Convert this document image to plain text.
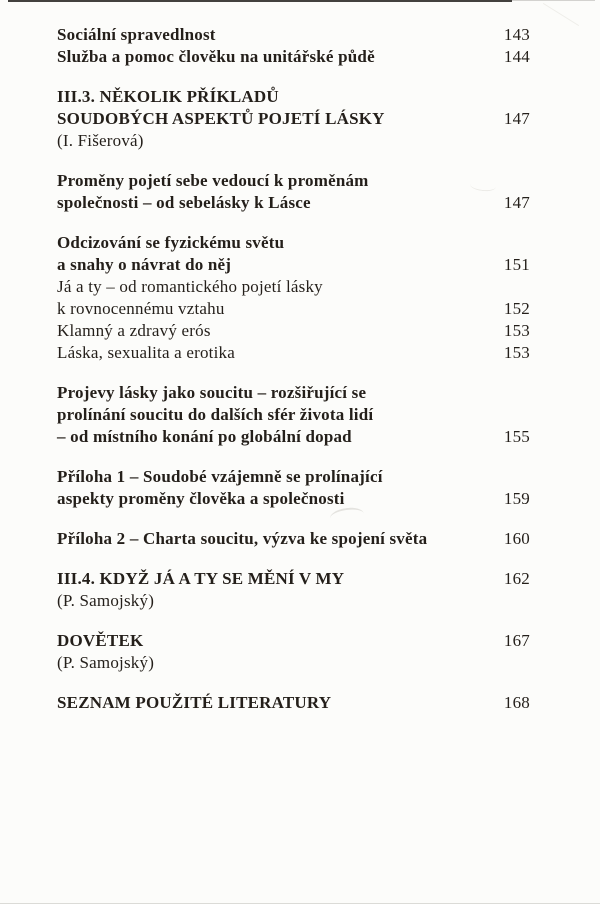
Sociální spravedlnost	143
Služba a pomoc člověku na unitářské půdě	144
III.3. NĚKOLIK PŘÍKLADŮ
SOUDOBÝCH ASPEKTŮ POJETÍ LÁSKY	147
(I. Fišerová)
Proměny pojetí sebe vedoucí k proměnám
společnosti – od sebelásky k Lásce	147
Odcizování se fyzickému světu
a snahy o návrat do něj	151
Já a ty – od romantického pojetí lásky
k rovnocennému vztahu	152
Klamný a zdravý erós	153
Láska, sexualita a erotika	153
Projevy lásky jako soucitu – rozšiřující se
prolínání soucitu do dalších sfér života lidí
– od místního konání po globální dopad	155
Příloha 1 – Soudobé vzájemně se prolínající
aspekty proměny člověka a společnosti	159
Příloha 2 – Charta soucitu, výzva ke spojení světa	160
III.4. KDYŽ JÁ A TY SE MĚNÍ V MY	162
(P. Samojský)
DOVĚTEK	167
(P. Samojský)
SEZNAM POUŽITÉ LITERATURY	168
